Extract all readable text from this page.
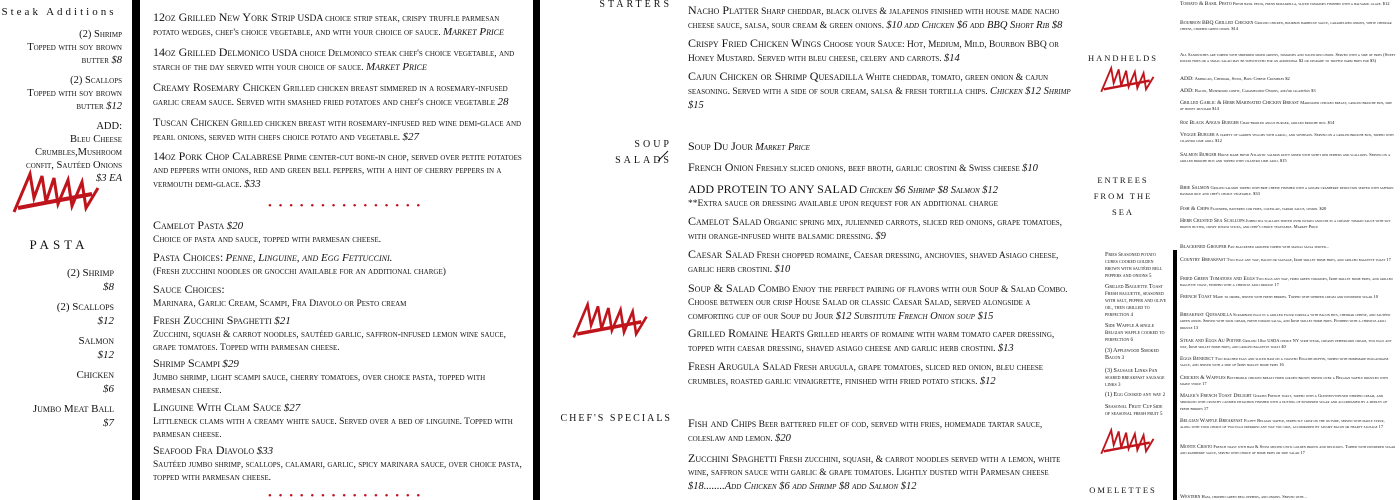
Steak Additions
(2) Shrimp
Topped with soy brown butter $8
(2) Scallops
Topped with soy brown butter $12
ADD:
Bleu Cheese Crumbles,Mushroom confit, Sautéed Onions
$3 EA
PASTA
(2) Shrimp
$8
(2) Scallops
$12
Salmon
$12
Chicken
$6
Jumbo Meat Ball
$7
12oz Grilled New York Strip USDA choice strip steak, crispy truffle parmesan potato wedges, chef's choice vegetable, and with your choice of sauce. Market Price
14oz Grilled Delmonico USDA choice Delmonico steak chef's choice vegetable, and starch of the day served with your choice of sauce. Market Price
Creamy Rosemary Chicken Grilled chicken breast simmered in a rosemary-infused garlic cream sauce. Served with smashed fried potatoes and chef's choice vegetable 28
Tuscan Chicken Grilled chicken breast with rosemary-infused red wine demi-glace and pearl onions, served with chefs choice potato and vegetable. $27
14oz Pork Chop Calabrese Prime center-cut bone-in chop, served over petite potatoes and peppers with onions, red and green bell peppers, with a hint of cherry peppers in a vermouth demi-glace. $33
• • • • • • • • • • • • • • •
Camelot Pasta $20
Choice of pasta and sauce, topped with parmesan cheese.
Pasta Choices: Penne, Linguine, and Egg Fettuccini.
(Fresh zucchini noodles or gnocchi available for an additional charge)
Sauce Choices:
Marinara, Garlic Cream, Scampi, Fra Diavolo or Pesto cream
Fresh Zucchini Spaghetti $21
Zucchini, squash & carrot noodles, sautéed garlic, saffron-infused lemon wine sauce, grape tomatoes. Topped with parmesan cheese.
Shrimp Scampi $29
Jumbo shrimp, light scampi sauce, cherry tomatoes, over choice pasta, topped with parmesan cheese.
Linguine With Clam Sauce $27
Littleneck clams with a creamy white sauce. Served over a bed of linguine. Topped with parmesan cheese.
Seafood Fra Diavolo $33
Sautéed jumbo shrimp, scallops, calamari, garlic, spicy marinara sauce, over choice pasta, topped with parmesan cheese.
• • • • • • • • • • • • • • •
STARTERS
SOUP
SALADS
CHEF'S SPECIALS
Nacho Platter Sharp cheddar, black olives & jalapenos finished with house made nacho cheese sauce, salsa, sour cream & green onions. $10 add Chicken $6 add BBQ Short Rib $8
Crispy Fried Chicken Wings Choose your Sauce: Hot, Medium, Mild, Bourbon BBQ or Honey Mustard. Served with bleu cheese, celery and carrots. $14
Cajun Chicken or Shrimp Quesadilla White cheddar, tomato, green onion & cajun seasoning. Served with a side of sour cream, salsa & fresh tortilla chips. Chicken $12 Shrimp $15
Soup Du Jour Market Price
French Onion Freshly sliced onions, beef broth, garlic crostini & Swiss cheese $10
ADD PROTEIN TO ANY SALAD Chicken $6 Shrimp $8 Salmon $12
**Extra sauce or dressing available upon request for an additional charge
Camelot Salad Organic spring mix, julienned carrots, sliced red onions, grape tomatoes, with orange-infused white balsamic dressing. $9
Caesar Salad Fresh chopped romaine, Caesar dressing, anchovies, shaved Asiago cheese, garlic herb crostini. $10
Soup & Salad Combo Enjoy the perfect pairing of flavors with our Soup & Salad Combo. Choose between our crisp House Salad or classic Caesar Salad, served alongside a comforting cup of our Soup du Jour $12 Substitute French Onion soup $15
Grilled Romaine Hearts Grilled hearts of romaine with warm tomato caper dressing, topped with caesar dressing, shaved asiago cheese and garlic herb crostini. $13
Fresh Arugula Salad Fresh arugula, grape tomatoes, sliced red onion, bleu cheese crumbles, roasted garlic vinaigrette, finished with fried potato sticks. $12
Fish and Chips Beer battered filet of cod, served with fries, homemade tartar sauce, coleslaw and lemon. $20
Zucchini Spaghetti Fresh zucchini, squash, & carrot noodles served with a lemon, white wine, saffron sauce with garlic & grape tomatoes. Lightly dusted with Parmesan cheese $18........Add Chicken $6 add Shrimp $8 add Salmon $12
HANDHELDS
ENTREES
FROM THE
SEA
Fries Seasoned potato cubes cooked golden brown with sautéed bell peppers and onions 5
Grilled Baguette Toast Fresh baguette, seasoned with salt, pepper and olive oil, then grilled to perfection 4
Side Waffle A single Belgian waffle cooked to perfection 6
(3) Applewood Smoked Bacon 3
(3) Sausage Links Pan seared breakfast sausage links 3
(1) Egg Cooked any way 2
Seasonal Fruit Cup Side of seasonal fresh fruit 5
OMELETTES
Tomato & Basil Pesto Fresh basil pesto, fresh mozzarella, sliced tomatoes finished with a balsamic glaze. $12
Bourbon BBQ Grilled Chicken Grilled chicken, bourbon barbecue sauce, caramelized onions, white cheddar cheese, chopped green onion. $14
All Sandwiches are topped with shredded mixed greens, tomatoes and sliced red onion. Served with a side of fries (Sweet potato fries or a small salad may be substituted for an additional $2 or upgrade to truffle parm fries for $3)
ADD: American, Cheddar, Swiss, Bleu Cheese Crumbles $2
ADD: Bacon, Mushroom confit, Caramelized Onions, and/or jalapeños $3
Grilled Garlic & Herb Marinated Chicken Breast Marinated chicken breast, grilled brioche bun, side of honey mustard $14
8oz Black Angus Burger Char-broiled angus burger, grilled brioche bun. $14
Veggie Burger A variety of garden veggies with garlic, and soybeans. Served on a grilled brioche bun, topped with cilantro lime aioli. $12
Salmon Burger House made fresh Atlantic salmon patty mixed with sweet red peppers and scallions. Served on a grilled brioche bun and topped with cilantro lime aioli. $15
Brie Salmon Grilled salmon topped with brie cheese finished with a ginger cranberry reduction served with saffron basmati rice and chef's choice vegetable. $33
Fish & Chips Flounder, battered cod fries, coleslaw, tartar sauce, lemon. $20
Herb Crusted Sea Scallops Jumbo sea scallops served over potato gnocchi in a creamy tomato sauce with soy brown butter, crispy potato sticks, and chef's choice vegetable. Market Price
Blackened Grouper Pan blackened grouper topped with mango salsa served...
Country Breakfast Two eggs any way, bacon or sausage, Irish skillet home fries, and grilled baguette toast 17
Fried Green Tomatoes and Eggs Two eggs any way, fried green tomatoes, Irish skillet home fries, and grilled baguette toast, finished with a chipotle aioli drizzle 17
French Toast Made to order, served with fresh berries. Topped with whipped cream and powdered sugar 10
Breakfast Quesadilla Scrambled eggs in a grilled flour tortilla with bacon bits, cheddar cheese, and sautéed green onion. Served with sour cream, fresh tomato salsa, and Irish skillet home fries. Finished with a chipotle aioli drizzle 13
Steak and Eggs Au Poivre Grilled 10oz USDA choice NY strip steak, creamy peppercorn cream, two eggs any way, Irish skillet home fries, and grilled baguette toast 40
Eggs Benedict Two poached eggs and sliced ham on a toasted English muffin, topped with homemade hollandaise sauce, and served with a side of Irish skillet home fries 16
Chicken & Waffles Buttermilk chicken breast fried golden brown served over a Belgian waffle drizzled with maple syrup 17
Malek's French Toast Delight Golden French toast, topped with a Guinness-infused whipped cream, and sprinkled with crunchy candied pistachios finished with a dusting of powdered sugar and accompanied by a medley of fresh berries 17
Belgian Waffle Breakfast Fluffy Belgian waffle, perfectly crisp on the outside, served with maple syrup, along with your choice of two eggs prepared any way you like, accompanied by savory bacon or hearty sausage 17
Monte Cristo French toast with ham & Swiss melted until golden brown and delicious. Topped with powdered sugar and raspberry sauce, served with choice of home fries or side salad 17
Western Ham, chopped green bell peppers, and onions. Served with...
